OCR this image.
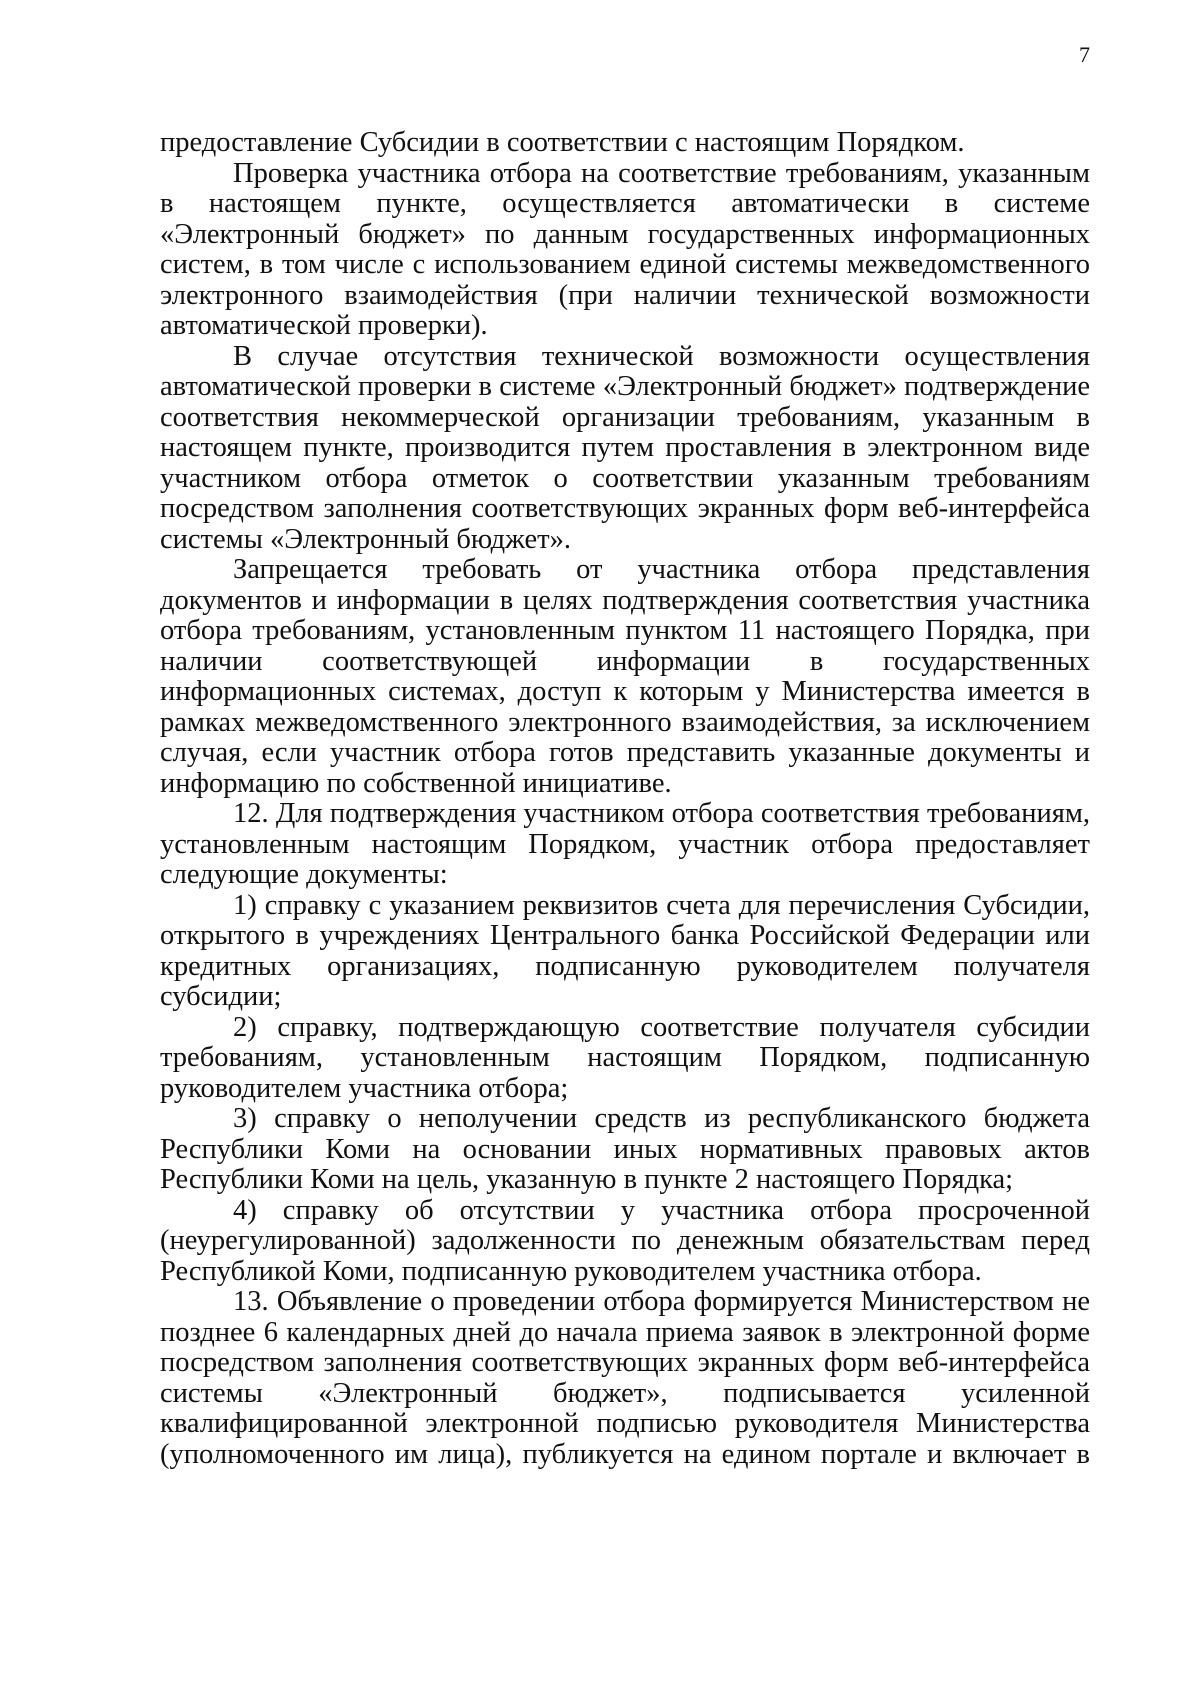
7

предоставление Субсидии в соответствии с настоящим Порядком.

Проверка участника отбора на соответствие требованиям, указанным в настоящем пункте, осуществляется автоматически в системе «Электронный бюджет» по данным государственных информационных систем, в том числе с использованием единой системы межведомственного электронного взаимодействия (при наличии технической возможности автоматической проверки).

В случае отсутствия технической возможности осуществления автоматической проверки в системе «Электронный бюджет» подтверждение соответствия некоммерческой организации требованиям, указанным в настоящем пункте, производится путем проставления в электронном виде участником отбора отметок о соответствии указанным требованиям посредством заполнения соответствующих экранных форм веб-интерфейса системы «Электронный бюджет».

Запрещается требовать от участника отбора представления документов и информации в целях подтверждения соответствия участника отбора требованиям, установленным пунктом 11 настоящего Порядка, при наличии соответствующей информации в государственных информационных системах, доступ к которым у Министерства имеется в рамках межведомственного электронного взаимодействия, за исключением случая, если участник отбора готов представить указанные документы и информацию по собственной инициативе.

12. Для подтверждения участником отбора соответствия требованиям, установленным настоящим Порядком, участник отбора предоставляет следующие документы:

1) справку с указанием реквизитов счета для перечисления Субсидии, открытого в учреждениях Центрального банка Российской Федерации или кредитных организациях, подписанную руководителем получателя субсидии;

2) справку, подтверждающую соответствие получателя субсидии требованиям, установленным настоящим Порядком, подписанную руководителем участника отбора;

3) справку о неполучении средств из республиканского бюджета Республики Коми на основании иных нормативных правовых актов Республики Коми на цель, указанную в пункте 2 настоящего Порядка;

4) справку об отсутствии у участника отбора просроченной (неурегулированной) задолженности по денежным обязательствам перед Республикой Коми, подписанную руководителем участника отбора.

13. Объявление о проведении отбора формируется Министерством не позднее 6 календарных дней до начала приема заявок в электронной форме посредством заполнения соответствующих экранных форм веб-интерфейса системы «Электронный бюджет», подписывается усиленной квалифицированной электронной подписью руководителя Министерства (уполномоченного им лица), публикуется на едином портале и включает в
